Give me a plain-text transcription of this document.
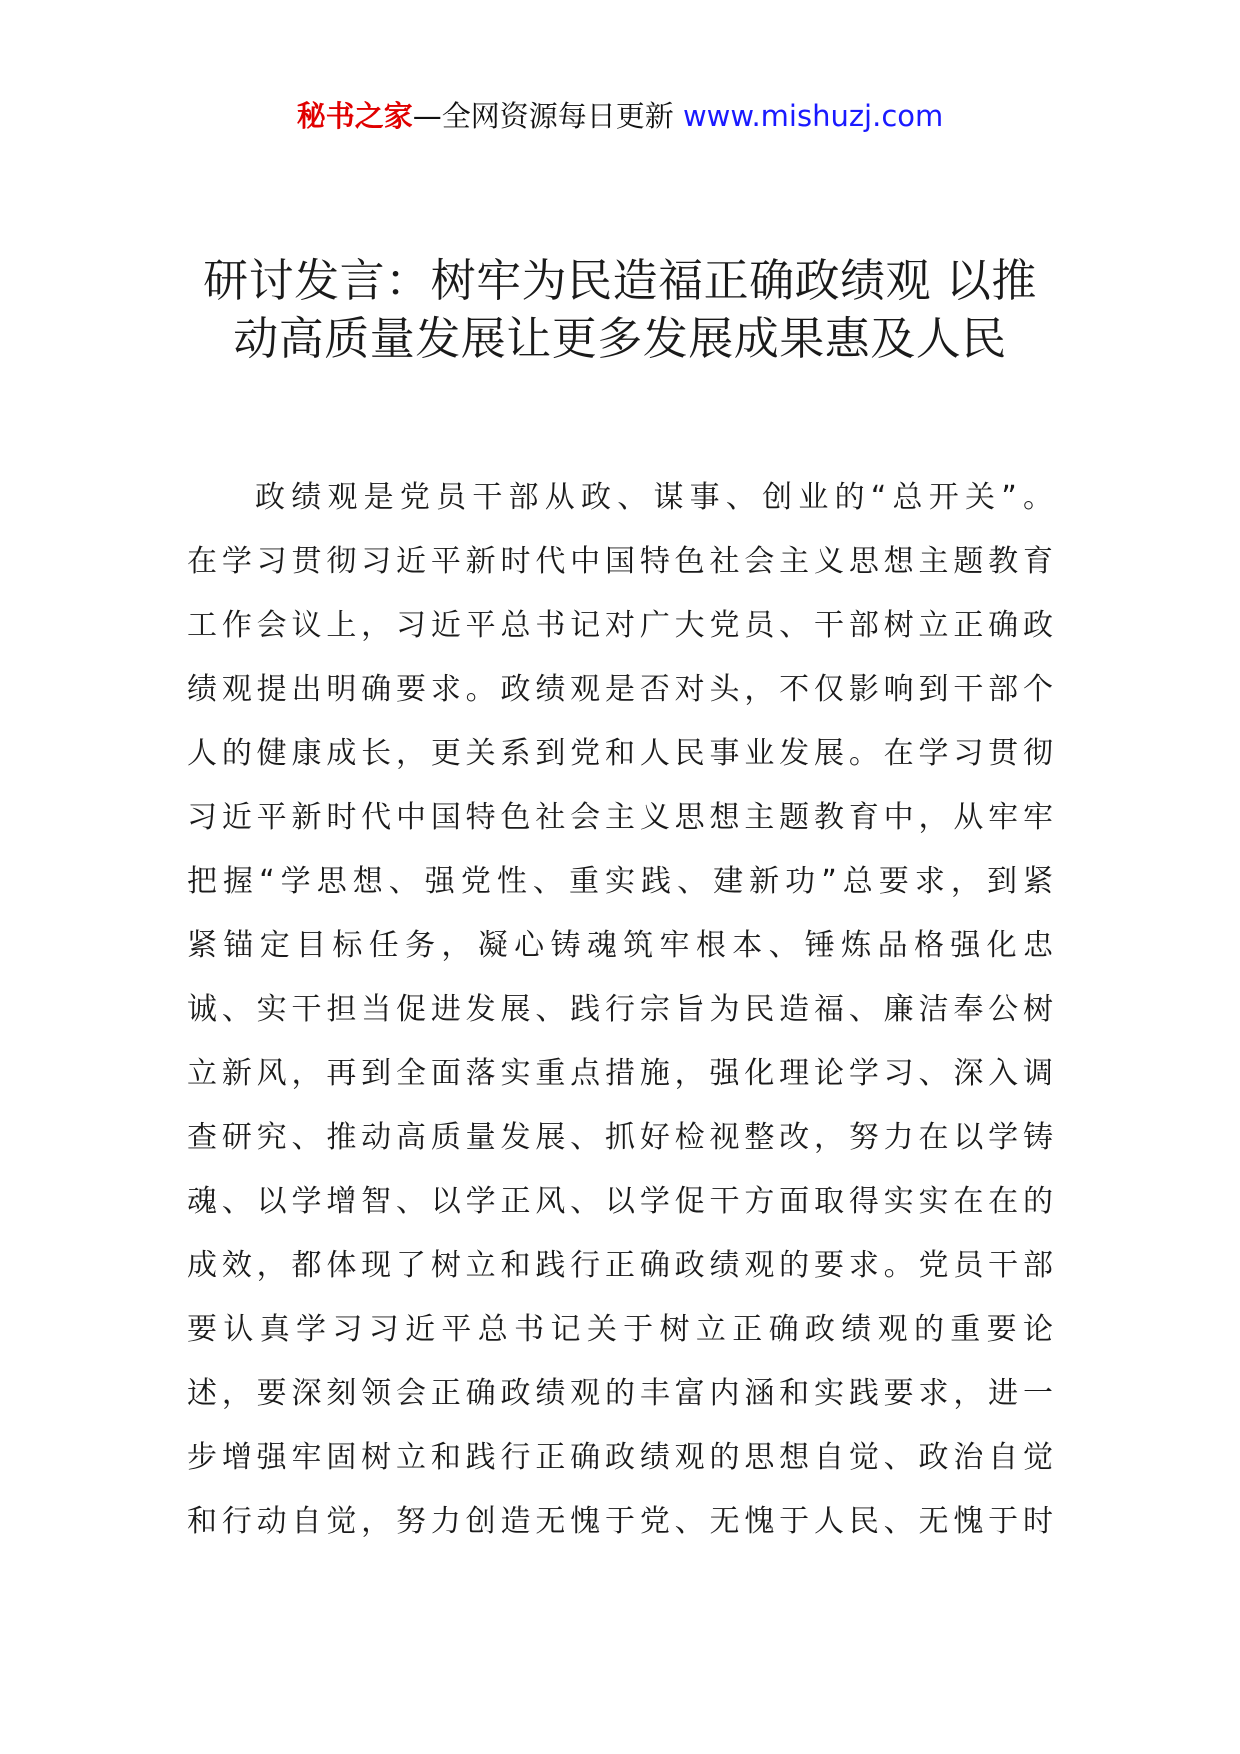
秘书之家—全网资源每日更新 www.mishuzj.com
研讨发言：树牢为民造福正确政绩观 以推
动高质量发展让更多发展成果惠及人民
政绩观是党员干部从政、谋事、创业的“总开关”。
在学习贯彻习近平新时代中国特色社会主义思想主题教育
工作会议上，习近平总书记对广大党员、干部树立正确政
绩观提出明确要求。政绩观是否对头，不仅影响到干部个
人的健康成长，更关系到党和人民事业发展。在学习贯彻
习近平新时代中国特色社会主义思想主题教育中，从牢牢
把握“学思想、强党性、重实践、建新功”总要求，到紧
紧锚定目标任务，凝心铸魂筑牢根本、锤炼品格强化忠
诚、实干担当促进发展、践行宗旨为民造福、廉洁奉公树
立新风，再到全面落实重点措施，强化理论学习、深入调
查研究、推动高质量发展、抓好检视整改，努力在以学铸
魂、以学增智、以学正风、以学促干方面取得实实在在的
成效，都体现了树立和践行正确政绩观的要求。党员干部
要认真学习习近平总书记关于树立正确政绩观的重要论
述，要深刻领会正确政绩观的丰富内涵和实践要求，进一
步增强牢固树立和践行正确政绩观的思想自觉、政治自觉
和行动自觉，努力创造无愧于党、无愧于人民、无愧于时
